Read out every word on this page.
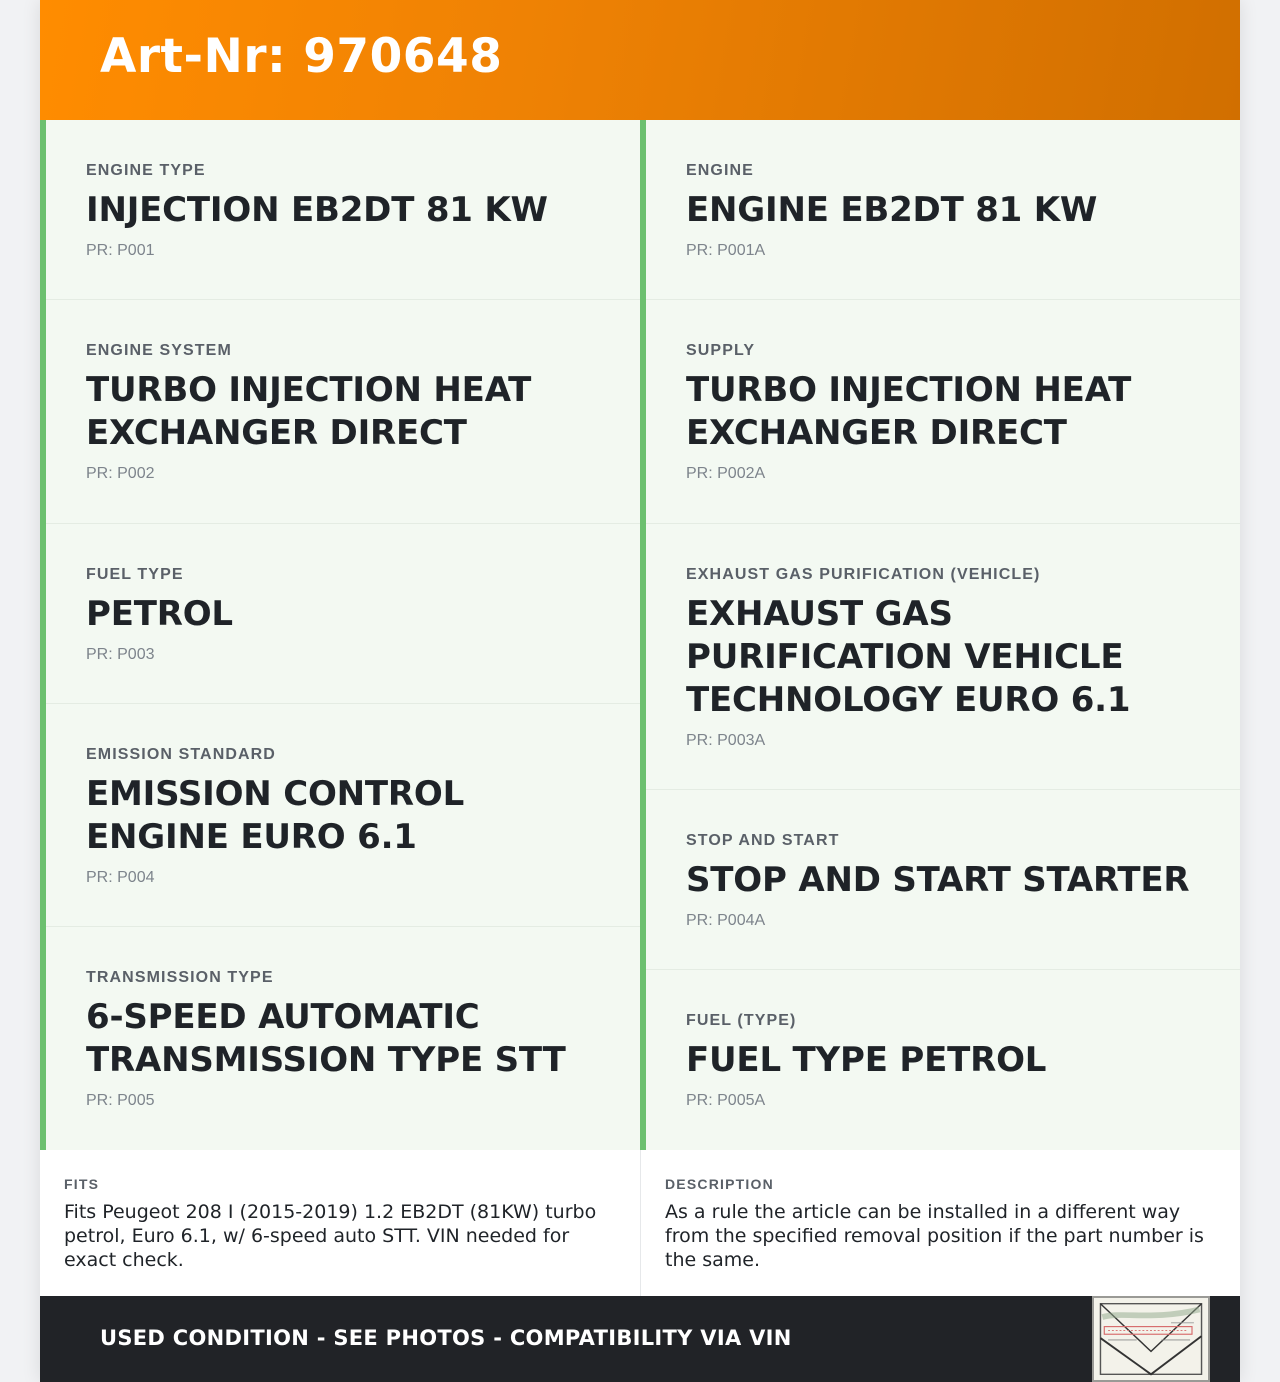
Art-Nr: 970648
ENGINE TYPE
INJECTION EB2DT 81 KW
PR: P001
ENGINE SYSTEM
TURBO INJECTION HEAT EXCHANGER DIRECT
PR: P002
FUEL TYPE
PETROL
PR: P003
EMISSION STANDARD
EMISSION CONTROL ENGINE EURO 6.1
PR: P004
TRANSMISSION TYPE
6-SPEED AUTOMATIC TRANSMISSION TYPE STT
PR: P005
ENGINE
ENGINE EB2DT 81 KW
PR: P001A
SUPPLY
TURBO INJECTION HEAT EXCHANGER DIRECT
PR: P002A
EXHAUST GAS PURIFICATION (VEHICLE)
EXHAUST GAS PURIFICATION VEHICLE TECHNOLOGY EURO 6.1
PR: P003A
STOP AND START
STOP AND START STARTER
PR: P004A
FUEL (TYPE)
FUEL TYPE PETROL
PR: P005A
FITS
Fits Peugeot 208 I (2015-2019) 1.2 EB2DT (81KW) turbo petrol, Euro 6.1, w/ 6-speed auto STT. VIN needed for exact check.
DESCRIPTION
As a rule the article can be installed in a different way from the specified removal position if the part number is the same.
USED CONDITION - SEE PHOTOS - COMPATIBILITY VIA VIN
